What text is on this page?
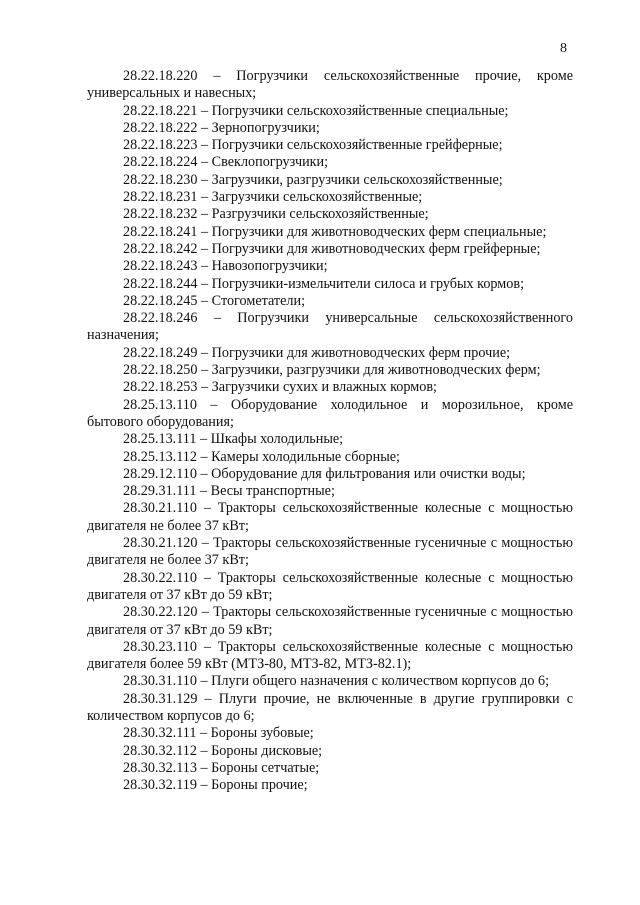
8
28.22.18.220 – Погрузчики сельскохозяйственные прочие, кроме универсальных и навесных;
28.22.18.221 – Погрузчики сельскохозяйственные специальные;
28.22.18.222 – Зернопогрузчики;
28.22.18.223 – Погрузчики сельскохозяйственные грейферные;
28.22.18.224 – Свеклопогрузчики;
28.22.18.230 – Загрузчики, разгрузчики сельскохозяйственные;
28.22.18.231 – Загрузчики сельскохозяйственные;
28.22.18.232 – Разгрузчики сельскохозяйственные;
28.22.18.241 – Погрузчики для животноводческих ферм специальные;
28.22.18.242 – Погрузчики для животноводческих ферм грейферные;
28.22.18.243 – Навозопогрузчики;
28.22.18.244 – Погрузчики-измельчители силоса и грубых кормов;
28.22.18.245 – Стогометатели;
28.22.18.246 – Погрузчики универсальные сельскохозяйственного назначения;
28.22.18.249 – Погрузчики для животноводческих ферм прочие;
28.22.18.250 – Загрузчики, разгрузчики для животноводческих ферм;
28.22.18.253 – Загрузчики сухих и влажных кормов;
28.25.13.110 – Оборудование холодильное и морозильное, кроме бытового оборудования;
28.25.13.111 – Шкафы холодильные;
28.25.13.112 – Камеры холодильные сборные;
28.29.12.110 – Оборудование для фильтрования или очистки воды;
28.29.31.111 – Весы транспортные;
28.30.21.110 – Тракторы сельскохозяйственные колесные с мощностью двигателя не более 37 кВт;
28.30.21.120 – Тракторы сельскохозяйственные гусеничные с мощностью двигателя не более 37 кВт;
28.30.22.110 – Тракторы сельскохозяйственные колесные с мощностью двигателя от 37 кВт до 59 кВт;
28.30.22.120 – Тракторы сельскохозяйственные гусеничные с мощностью двигателя от 37 кВт до 59 кВт;
28.30.23.110 – Тракторы сельскохозяйственные колесные с мощностью двигателя более 59 кВт (МТЗ-80, МТЗ-82, МТЗ-82.1);
28.30.31.110 – Плуги общего назначения с количеством корпусов до 6;
28.30.31.129 – Плуги прочие, не включенные в другие группировки с количеством корпусов до 6;
28.30.32.111 – Бороны зубовые;
28.30.32.112 – Бороны дисковые;
28.30.32.113 – Бороны сетчатые;
28.30.32.119 – Бороны прочие;
